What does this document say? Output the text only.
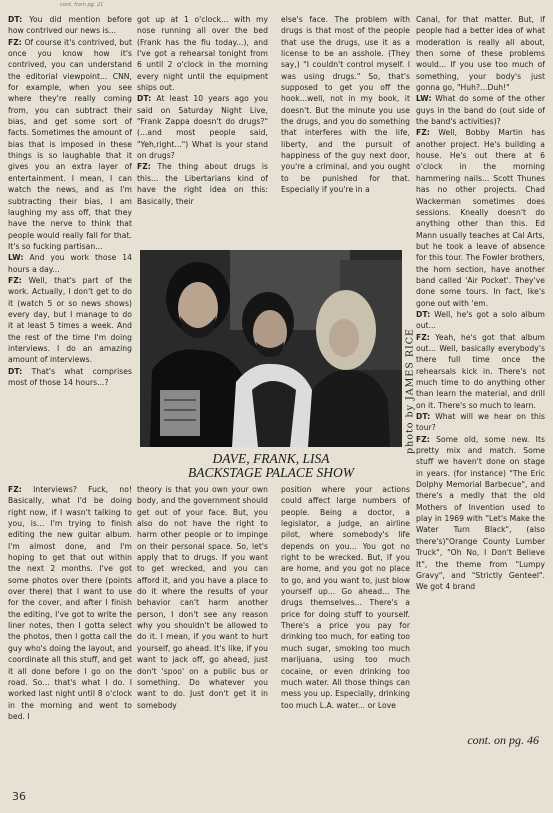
cont. from pg. 21

DT: You did mention before how contrived our news is...

FZ: Of course it's contrived, but once you know how it's contrived, you can understand the editorial viewpoint... CNN, for example, when you see where they're really coming from, you can subtract their bias, and get some sort of facts. Sometimes the amount of bias that is imposed in these things is so laughable that it gives you an extra layer of entertainment. I mean, I can watch the news, and as I'm subtracting their bias, I am laughing my ass off, that they have the nerve to think that people would really fall for that. It's so fucking partisan...

LW: And you work those 14 hours a day...

FZ: Well, that's part of the work. Actually, I don't get to do it (watch 5 or so news shows) every day, but I manage to do it at least 5 times a week. And the rest of the time I'm doing interviews. I do an amazing amount of interviews.

DT: That's what comprises most of those 14 hours...?

got up at 1 o'clock... with my nose running all over the bed (Frank has the flu today...), and I've got a rehearsal tonight from 6 until 2 o'clock in the morning every night until the equipment ships out.

DT: At least 10 years ago you said on Saturday Night Live, "Frank Zappa doesn't do drugs?" (...and most people said, "Yeh,right...") What is your stand on drugs?

FZ: The thing about drugs is this... the Libertarians kind of have the right idea on this: Basically, their

else's face. The problem with drugs is that most of the people that use the drugs, use it as a license to be an asshole. (They say,) "I couldn't control myself. I was using drugs." So, that's supposed to get you off the hook...well, not in my book, it doesn't. But the minute you use the drugs, and you do something that interferes with the life, liberty, and the pursuit of happiness of the guy next door, you're a criminal, and you ought to be punished for that. Especially if you're in a

Canal, for that matter. But, if people had a better idea of what moderation is really all about, then some of these problems would... If you use too much of something, your body's just gonna go, "Huh?...Duh!"

LW: What do some of the other guys in the band do (out side of the band's activities)?

FZ: Well, Bobby Martin has another project. He's building a house. He's out there at 6 o'clock in the morning hammering nails... Scott Thunes has no other projects. Chad Wackerman sometimes does sessions. Kneally doesn't do anything other than this. Ed Mann usually teaches at Cal Arts, but he took a leave of absence for this tour. The Fowler brothers, the horn section, have another band called 'Air Pocket'. They've done some tours. In fact, Ike's gone out with 'em.

DT: Well, he's got a solo album out...

FZ: Yeah, he's got that album out... Well, basically everybody's there full time once the rehearsals kick in. There's not much time to do anything other than learn the material, and drill on it. There's so much to learn.

DT: What will we hear on this tour?

FZ: Some old, some new. Its pretty mix and match. Some stuff we haven't done on stage in years. (for instance) "The Eric Dolphy Memorial Barbecue", and there's a medly that the old Mothers of Invention used to play in 1969 with "Let's Make the Water Turn Black", (also there's)"Orange County Lumber Truck", "Oh No, I Don't Believe It", the theme from "Lumpy Gravy", and "Strictly Genteel". We got 4 brand

photo by JAMES RICE
DAVE, FRANK, LISA
BACKSTAGE PALACE SHOW

FZ: Interviews? Fuck, no! Basically, what I'd be doing right now, if I wasn't talking to you, is... I'm trying to finish editing the new guitar album. I'm almost done, and I'm hoping to get that out within the next 2 months. I've got some photos over there (points over there) that I want to use for the cover, and after I finish the editing, I've got to write the liner notes, then I gotta select the photos, then I gotta call the guy who's doing the layout, and coordinate all this stuff, and get it all done before I go on the road. So... that's what I do. I worked last night until 8 o'clock in the morning and went to bed. I

theory is that you own your own body, and the government should get out of your face. But, you also do not have the right to harm other people or to impinge on their personal space. So, let's apply that to drugs. If you want to get wrecked, and you can afford it, and you have a place to do it where the results of your behavior can't harm another person, I don't see any reason why you shouldn't be allowed to do it. I mean, if you want to hurt yourself, go ahead. It's like, if you want to jack off, go ahead, just don't 'spoo' on a public bus or something. Do whatever you want to do. Just don't get it in somebody

position where your actions could affect large numbers of people. Being a doctor, a legislator, a judge, an airline pilot, where somebody's life depends on you... You got no right to be wrecked. But, if you are home, and you got no place to go, and you want to, just blow yourself up... Go ahead... The drugs themselves... There's a price for doing stuff to yourself. There's a price you pay for drinking too much, for eating too much sugar, smoking too much marijuana, using too much cocaine, or even drinking too much water. All those things can mess you up. Especially, drinking too much L.A. water... or Love

cont. on pg. 46
36
